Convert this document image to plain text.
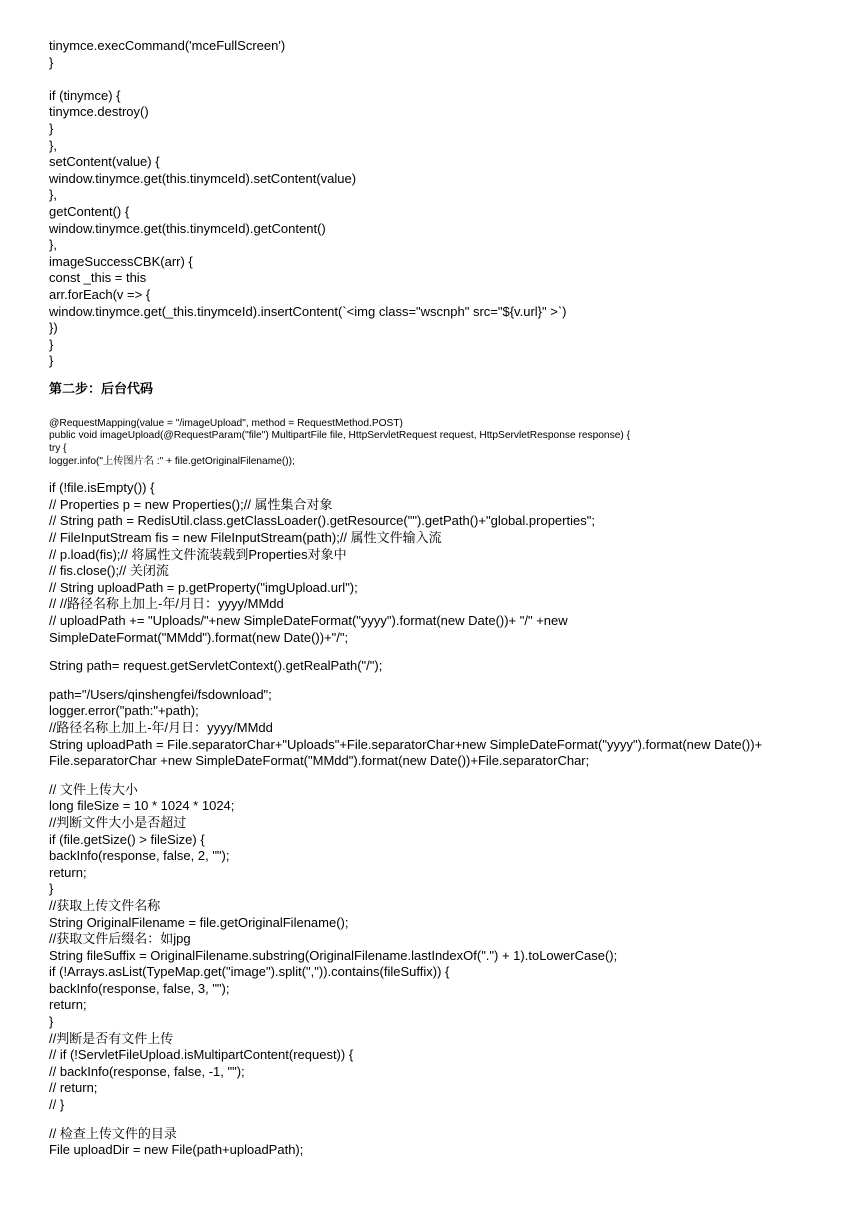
tinymce.execCommand('mceFullScreen')
}

if (tinymce) {
tinymce.destroy()
}
},
setContent(value) {
window.tinymce.get(this.tinymceId).setContent(value)
},
getContent() {
window.tinymce.get(this.tinymceId).getContent()
},
imageSuccessCBK(arr) {
const _this = this
arr.forEach(v => {
window.tinymce.get(_this.tinymceId).insertContent(`<img class="wscnph" src="${v.url}" >`)
})
}
}
第二步：后台代码
@RequestMapping(value = "/imageUpload", method = RequestMethod.POST)
public void imageUpload(@RequestParam("file") MultipartFile file, HttpServletRequest request, HttpServletResponse response) {
try {
logger.info("上传图片名 :" + file.getOriginalFilename());
if (!file.isEmpty()) {
// Properties p = new Properties();// 属性集合对象
// String path = RedisUtil.class.getClassLoader().getResource("").getPath()+"global.properties";
// FileInputStream fis = new FileInputStream(path);// 属性文件输入流
// p.load(fis);// 将属性文件流装载到Properties对象中
// fis.close();// 关闭流
// String uploadPath = p.getProperty("imgUpload.url");
// //路径名称上加上-年/月日：yyyy/MMdd
// uploadPath += "Uploads/"+new SimpleDateFormat("yyyy").format(new Date())+ "/" +new
SimpleDateFormat("MMdd").format(new Date())+"/";
String path= request.getServletContext().getRealPath("/");
path="/Users/qinshengfei/fsdownload";
logger.error("path:"+path);
//路径名称上加上-年/月日：yyyy/MMdd
String uploadPath = File.separatorChar+"Uploads"+File.separatorChar+new SimpleDateFormat("yyyy").format(new Date())+
File.separatorChar +new SimpleDateFormat("MMdd").format(new Date())+File.separatorChar;
// 文件上传大小
long fileSize = 10 * 1024 * 1024;
//判断文件大小是否超过
if (file.getSize() > fileSize) {
backInfo(response, false, 2, "");
return;
}
//获取上传文件名称
String OriginalFilename = file.getOriginalFilename();
//获取文件后缀名：如jpg
String fileSuffix = OriginalFilename.substring(OriginalFilename.lastIndexOf(".") + 1).toLowerCase();
if (!Arrays.asList(TypeMap.get("image").split(",")).contains(fileSuffix)) {
backInfo(response, false, 3, "");
return;
}
//判断是否有文件上传
// if (!ServletFileUpload.isMultipartContent(request)) {
// backInfo(response, false, -1, "");
// return;
// }
// 检查上传文件的目录
File uploadDir = new File(path+uploadPath);
